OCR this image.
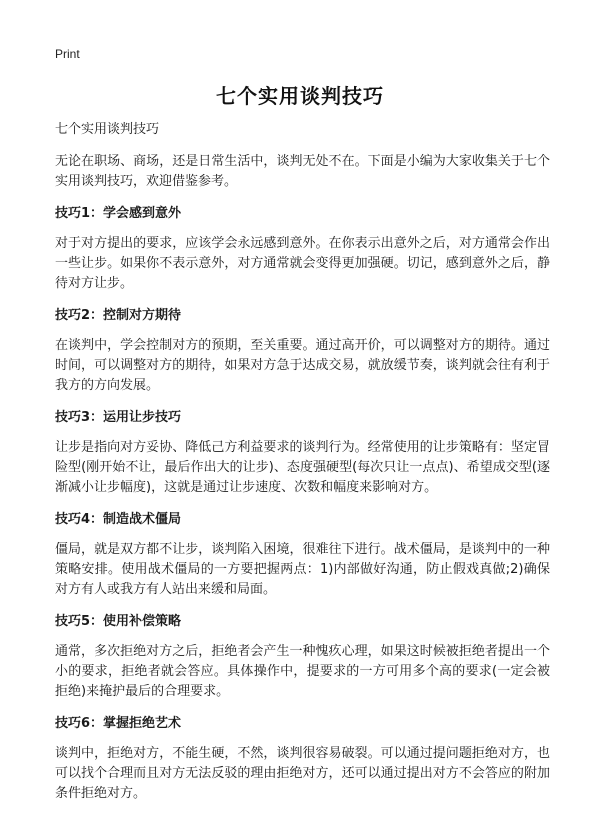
Print
七个实用谈判技巧

七个实用谈判技巧

无论在职场、商场，还是日常生活中，谈判无处不在。下面是小编为大家收集关于七个实用谈判技巧，欢迎借鉴参考。

技巧1：学会感到意外

对于对方提出的要求，应该学会永远感到意外。在你表示出意外之后，对方通常会作出一些让步。如果你不表示意外，对方通常就会变得更加强硬。切记，感到意外之后，静待对方让步。

技巧2：控制对方期待

在谈判中，学会控制对方的预期，至关重要。通过高开价，可以调整对方的期待。通过时间，可以调整对方的期待，如果对方急于达成交易，就放缓节奏，谈判就会往有利于我方的方向发展。

技巧3：运用让步技巧

让步是指向对方妥协、降低己方利益要求的谈判行为。经常使用的让步策略有：坚定冒险型(刚开始不让，最后作出大的让步)、态度强硬型(每次只让一点点)、希望成交型(逐渐减小让步幅度)，这就是通过让步速度、次数和幅度来影响对方。

技巧4：制造战术僵局

僵局，就是双方都不让步，谈判陷入困境，很难往下进行。战术僵局，是谈判中的一种策略安排。使用战术僵局的一方要把握两点：1)内部做好沟通，防止假戏真做;2)确保对方有人或我方有人站出来缓和局面。

技巧5：使用补偿策略

通常，多次拒绝对方之后，拒绝者会产生一种愧疚心理，如果这时候被拒绝者提出一个小的要求，拒绝者就会答应。具体操作中，提要求的一方可用多个高的要求(一定会被拒绝)来掩护最后的合理要求。

技巧6：掌握拒绝艺术

谈判中，拒绝对方，不能生硬，不然，谈判很容易破裂。可以通过提问题拒绝对方，也可以找个合理而且对方无法反驳的理由拒绝对方，还可以通过提出对方不会答应的附加条件拒绝对方。
